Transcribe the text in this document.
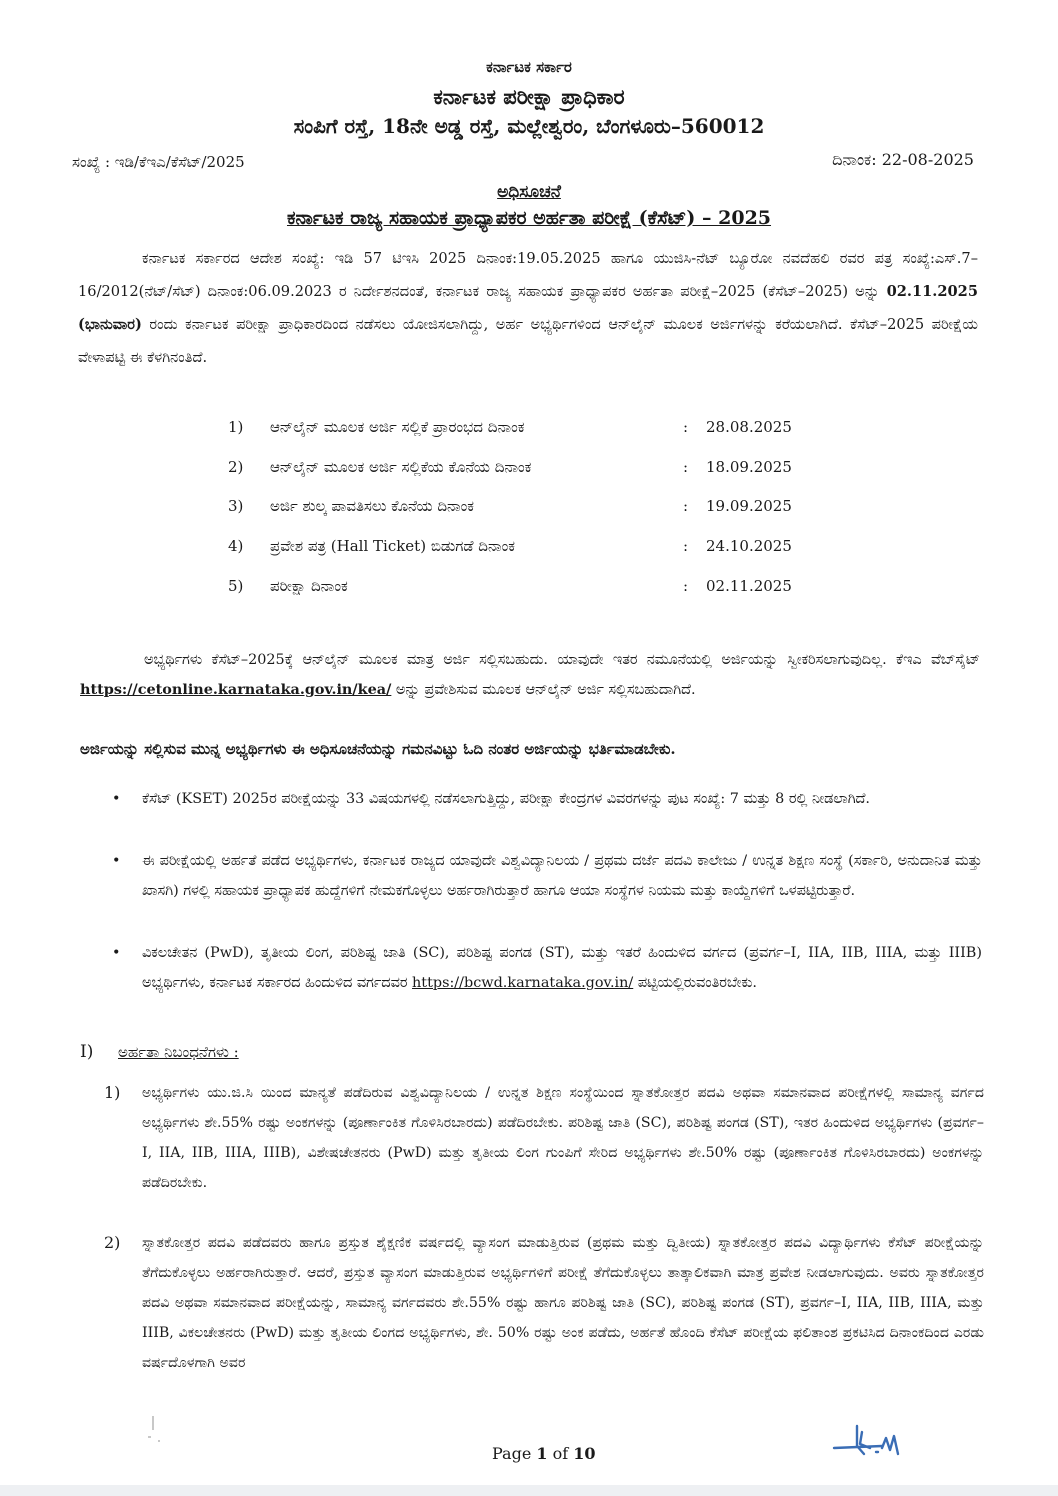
ಕರ್ನಾಟಕ ಸರ್ಕಾರ
ಕರ್ನಾಟಕ ಪರೀಕ್ಷಾ ಪ್ರಾಧಿಕಾರ
ಸಂಪಿಗೆ ರಸ್ತೆ, 18ನೇ ಅಡ್ಡ ರಸ್ತೆ, ಮಲ್ಲೇಶ್ವರಂ, ಬೆಂಗಳೂರು–560012
ಸಂಖ್ಯೆ : ಇಡಿ/ಕೆಇಎ/ಕೆಸೆಟ್/2025	ದಿನಾಂಕ: 22-08-2025
ಅಧಿಸೂಚನೆ
ಕರ್ನಾಟಕ ರಾಜ್ಯ ಸಹಾಯಕ ಪ್ರಾಧ್ಯಾಪಕರ ಅರ್ಹತಾ ಪರೀಕ್ಷೆ (ಕೆಸೆಟ್) – 2025
ಕರ್ನಾಟಕ ಸರ್ಕಾರದ ಆದೇಶ ಸಂಖ್ಯೆ: ಇಡಿ 57 ಟಿಇಸಿ 2025 ದಿನಾಂಕ:19.05.2025 ಹಾಗೂ ಯುಜಿಸಿ-ನೆಟ್ ಬ್ಯೂರೋ ನವದೆಹಲಿ ರವರ ಪತ್ರ ಸಂಖ್ಯೆ:ಎಸ್.7–16/2012(ನೆಟ್/ಸೆಟ್) ದಿನಾಂಕ:06.09.2023 ರ ನಿರ್ದೇಶನದಂತೆ, ಕರ್ನಾಟಕ ರಾಜ್ಯ ಸಹಾಯಕ ಪ್ರಾಧ್ಯಾಪಕರ ಅರ್ಹತಾ ಪರೀಕ್ಷೆ–2025 (ಕೆಸೆಟ್–2025) ಅನ್ನು 02.11.2025 (ಭಾನುವಾರ) ರಂದು ಕರ್ನಾಟಕ ಪರೀಕ್ಷಾ ಪ್ರಾಧಿಕಾರದಿಂದ ನಡೆಸಲು ಯೋಜಿಸಲಾಗಿದ್ದು, ಅರ್ಹ ಅಭ್ಯರ್ಥಿಗಳಿಂದ ಆನ್‌ಲೈನ್ ಮೂಲಕ ಅರ್ಜಿಗಳನ್ನು ಕರೆಯಲಾಗಿದೆ. ಕೆಸೆಟ್–2025 ಪರೀಕ್ಷೆಯ ವೇಳಾಪಟ್ಟಿ ಈ ಕೆಳಗಿನಂತಿದೆ.
1) ಆನ್‌ಲೈನ್ ಮೂಲಕ ಅರ್ಜಿ ಸಲ್ಲಿಕೆ ಪ್ರಾರಂಭದ ದಿನಾಂಕ	: 28.08.2025
2) ಆನ್‌ಲೈನ್ ಮೂಲಕ ಅರ್ಜಿ ಸಲ್ಲಿಕೆಯ ಕೊನೆಯ ದಿನಾಂಕ	: 18.09.2025
3) ಅರ್ಜಿ ಶುಲ್ಕ ಪಾವತಿಸಲು ಕೊನೆಯ ದಿನಾಂಕ	: 19.09.2025
4) ಪ್ರವೇಶ ಪತ್ರ (Hall Ticket) ಬಿಡುಗಡೆ ದಿನಾಂಕ	: 24.10.2025
5) ಪರೀಕ್ಷಾ ದಿನಾಂಕ	: 02.11.2025
ಅಭ್ಯರ್ಥಿಗಳು ಕೆಸೆಟ್–2025ಕ್ಕೆ ಆನ್‌ಲೈನ್ ಮೂಲಕ ಮಾತ್ರ ಅರ್ಜಿ ಸಲ್ಲಿಸಬಹುದು. ಯಾವುದೇ ಇತರ ನಮೂನೆಯಲ್ಲಿ ಅರ್ಜಿಯನ್ನು ಸ್ವೀಕರಿಸಲಾಗುವುದಿಲ್ಲ. ಕೆಇಎ ವೆಬ್‌ಸೈಟ್ https://cetonline.karnataka.gov.in/kea/ ಅನ್ನು ಪ್ರವೇಶಿಸುವ ಮೂಲಕ ಆನ್‌ಲೈನ್ ಅರ್ಜಿ ಸಲ್ಲಿಸಬಹುದಾಗಿದೆ.
ಅರ್ಜಿಯನ್ನು ಸಲ್ಲಿಸುವ ಮುನ್ನ ಅಭ್ಯರ್ಥಿಗಳು ಈ ಅಧಿಸೂಚನೆಯನ್ನು ಗಮನವಿಟ್ಟು ಓದಿ ನಂತರ ಅರ್ಜಿಯನ್ನು ಭರ್ತಿಮಾಡಬೇಕು.
• ಕೆಸೆಟ್ (KSET) 2025ರ ಪರೀಕ್ಷೆಯನ್ನು 33 ವಿಷಯಗಳಲ್ಲಿ ನಡೆಸಲಾಗುತ್ತಿದ್ದು, ಪರೀಕ್ಷಾ ಕೇಂದ್ರಗಳ ವಿವರಗಳನ್ನು ಪುಟ ಸಂಖ್ಯೆ: 7 ಮತ್ತು 8 ರಲ್ಲಿ ನೀಡಲಾಗಿದೆ.
• ಈ ಪರೀಕ್ಷೆಯಲ್ಲಿ ಅರ್ಹತೆ ಪಡೆದ ಅಭ್ಯರ್ಥಿಗಳು, ಕರ್ನಾಟಕ ರಾಜ್ಯದ ಯಾವುದೇ ವಿಶ್ವವಿದ್ಯಾನಿಲಯ / ಪ್ರಥಮ ದರ್ಜೆ ಪದವಿ ಕಾಲೇಜು / ಉನ್ನತ ಶಿಕ್ಷಣ ಸಂಸ್ಥೆ (ಸರ್ಕಾರಿ, ಅನುದಾನಿತ ಮತ್ತು ಖಾಸಗಿ) ಗಳಲ್ಲಿ ಸಹಾಯಕ ಪ್ರಾಧ್ಯಾಪಕ ಹುದ್ದೆಗಳಿಗೆ ನೇಮಕಗೊಳ್ಳಲು ಅರ್ಹರಾಗಿರುತ್ತಾರೆ ಹಾಗೂ ಆಯಾ ಸಂಸ್ಥೆಗಳ ನಿಯಮ ಮತ್ತು ಕಾಯ್ದೆಗಳಿಗೆ ಒಳಪಟ್ಟಿರುತ್ತಾರೆ.
• ವಿಕಲಚೇತನ (PwD), ತೃತೀಯ ಲಿಂಗ, ಪರಿಶಿಷ್ಟ ಜಾತಿ (SC), ಪರಿಶಿಷ್ಟ ಪಂಗಡ (ST), ಮತ್ತು ಇತರೆ ಹಿಂದುಳಿದ ವರ್ಗದ (ಪ್ರವರ್ಗ–I, IIA, IIB, IIIA, ಮತ್ತು IIIB) ಅಭ್ಯರ್ಥಿಗಳು, ಕರ್ನಾಟಕ ಸರ್ಕಾರದ ಹಿಂದುಳಿದ ವರ್ಗದವರ https://bcwd.karnataka.gov.in/ ಪಟ್ಟಿಯಲ್ಲಿರುವಂತಿರಬೇಕು.
I) ಅರ್ಹತಾ ನಿಬಂಧನೆಗಳು :
1) ಅಭ್ಯರ್ಥಿಗಳು ಯು.ಜಿ.ಸಿ ಯಿಂದ ಮಾನ್ಯತೆ ಪಡೆದಿರುವ ವಿಶ್ವವಿದ್ಯಾನಿಲಯ / ಉನ್ನತ ಶಿಕ್ಷಣ ಸಂಸ್ಥೆಯಿಂದ ಸ್ನಾತಕೋತ್ತರ ಪದವಿ ಅಥವಾ ಸಮಾನವಾದ ಪರೀಕ್ಷೆಗಳಲ್ಲಿ ಸಾಮಾನ್ಯ ವರ್ಗದ ಅಭ್ಯರ್ಥಿಗಳು ಶೇ.55% ರಷ್ಟು ಅಂಕಗಳನ್ನು (ಪೂರ್ಣಾಂಕಿತ ಗೊಳಿಸಿರಬಾರದು) ಪಡೆದಿರಬೇಕು. ಪರಿಶಿಷ್ಟ ಜಾತಿ (SC), ಪರಿಶಿಷ್ಟ ಪಂಗಡ (ST), ಇತರ ಹಿಂದುಳಿದ ಅಭ್ಯರ್ಥಿಗಳು (ಪ್ರವರ್ಗ–I, IIA, IIB, IIIA, IIIB), ವಿಶೇಷಚೇತನರು (PwD) ಮತ್ತು ತೃತೀಯ ಲಿಂಗ ಗುಂಪಿಗೆ ಸೇರಿದ ಅಭ್ಯರ್ಥಿಗಳು ಶೇ.50% ರಷ್ಟು (ಪೂರ್ಣಾಂಕಿತ ಗೊಳಿಸಿರಬಾರದು) ಅಂಕಗಳನ್ನು ಪಡೆದಿರಬೇಕು.
2) ಸ್ನಾತಕೋತ್ತರ ಪದವಿ ಪಡೆದವರು ಹಾಗೂ ಪ್ರಸ್ತುತ ಶೈಕ್ಷಣಿಕ ವರ್ಷದಲ್ಲಿ ವ್ಯಾಸಂಗ ಮಾಡುತ್ತಿರುವ (ಪ್ರಥಮ ಮತ್ತು ದ್ವಿತೀಯ) ಸ್ನಾತಕೋತ್ತರ ಪದವಿ ವಿದ್ಯಾರ್ಥಿಗಳು ಕೆಸೆಟ್ ಪರೀಕ್ಷೆಯನ್ನು ತೆಗೆದುಕೊಳ್ಳಲು ಅರ್ಹರಾಗಿರುತ್ತಾರೆ. ಆದರೆ, ಪ್ರಸ್ತುತ ವ್ಯಾಸಂಗ ಮಾಡುತ್ತಿರುವ ಅಭ್ಯರ್ಥಿಗಳಿಗೆ ಪರೀಕ್ಷೆ ತೆಗೆದುಕೊಳ್ಳಲು ತಾತ್ಕಾಲಿಕವಾಗಿ ಮಾತ್ರ ಪ್ರವೇಶ ನೀಡಲಾಗುವುದು. ಅವರು ಸ್ನಾತಕೋತ್ತರ ಪದವಿ ಅಥವಾ ಸಮಾನವಾದ ಪರೀಕ್ಷೆಯನ್ನು, ಸಾಮಾನ್ಯ ವರ್ಗದವರು ಶೇ.55% ರಷ್ಟು ಹಾಗೂ ಪರಿಶಿಷ್ಟ ಜಾತಿ (SC), ಪರಿಶಿಷ್ಟ ಪಂಗಡ (ST), ಪ್ರವರ್ಗ–I, IIA, IIB, IIIA, ಮತ್ತು IIIB, ವಿಕಲಚೇತನರು (PwD) ಮತ್ತು ತೃತೀಯ ಲಿಂಗದ ಅಭ್ಯರ್ಥಿಗಳು, ಶೇ. 50% ರಷ್ಟು ಅಂಕ ಪಡೆದು, ಅರ್ಹತೆ ಹೊಂದಿ ಕೆಸೆಟ್ ಪರೀಕ್ಷೆಯ ಫಲಿತಾಂಶ ಪ್ರಕಟಿಸಿದ ದಿನಾಂಕದಿಂದ ಎರಡು ವರ್ಷದೊಳಗಾಗಿ ಅವರ
Page 1 of 10
